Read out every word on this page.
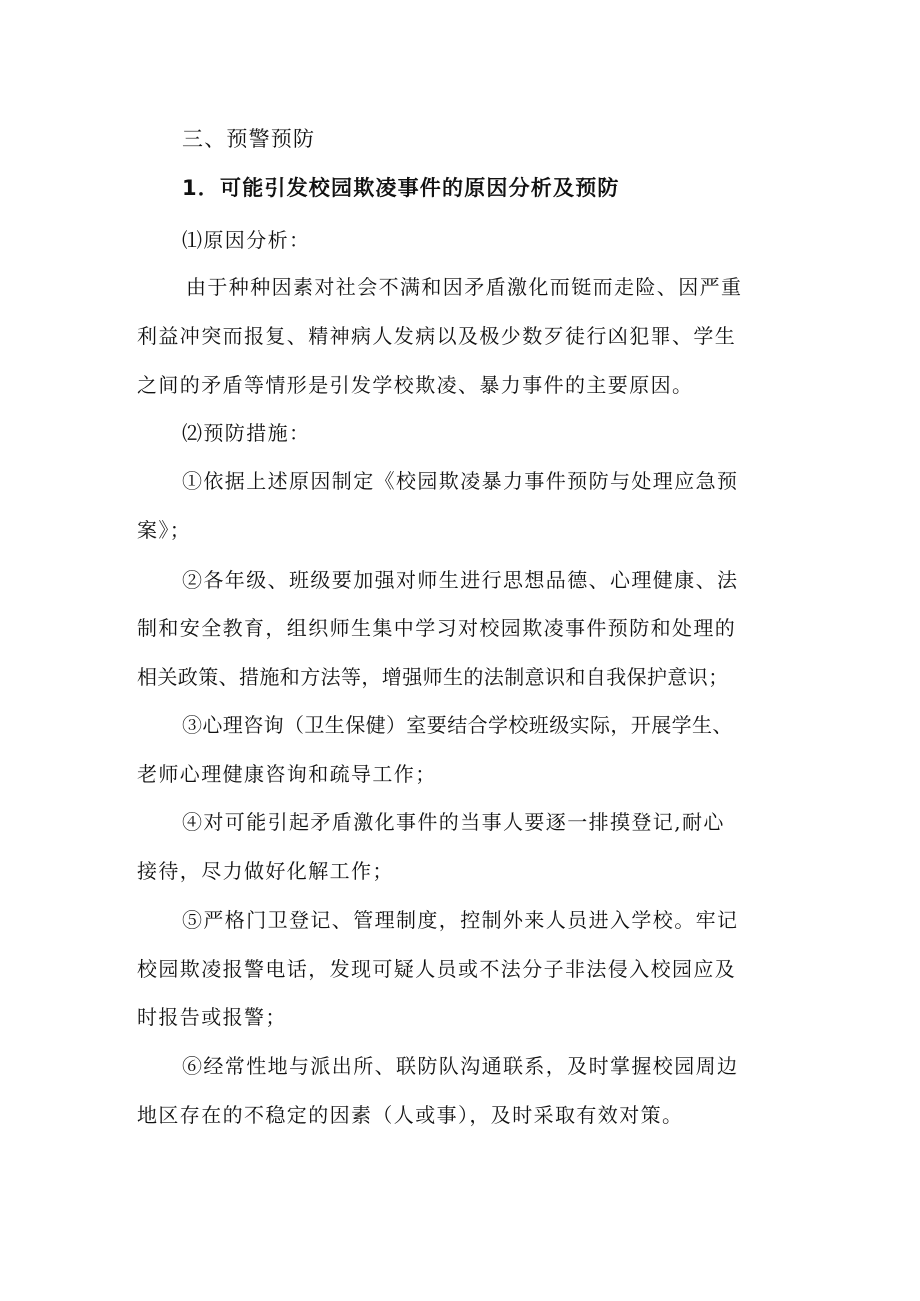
三、预警预防
1．可能引发校园欺凌事件的原因分析及预防
⑴原因分析：
由于种种因素对社会不满和因矛盾激化而铤而走险、因严重
利益冲突而报复、精神病人发病以及极少数歹徒行凶犯罪、学生
之间的矛盾等情形是引发学校欺凌、暴力事件的主要原因。
⑵预防措施：
①依据上述原因制定《校园欺凌暴力事件预防与处理应急预
案》；
②各年级、班级要加强对师生进行思想品德、心理健康、法
制和安全教育，组织师生集中学习对校园欺凌事件预防和处理的
相关政策、措施和方法等，增强师生的法制意识和自我保护意识；
③心理咨询（卫生保健）室要结合学校班级实际，开展学生、
老师心理健康咨询和疏导工作；
④对可能引起矛盾激化事件的当事人要逐一排摸登记,耐心
接待，尽力做好化解工作；
⑤严格门卫登记、管理制度，控制外来人员进入学校。牢记
校园欺凌报警电话，发现可疑人员或不法分子非法侵入校园应及
时报告或报警；
⑥经常性地与派出所、联防队沟通联系，及时掌握校园周边
地区存在的不稳定的因素（人或事），及时采取有效对策。
